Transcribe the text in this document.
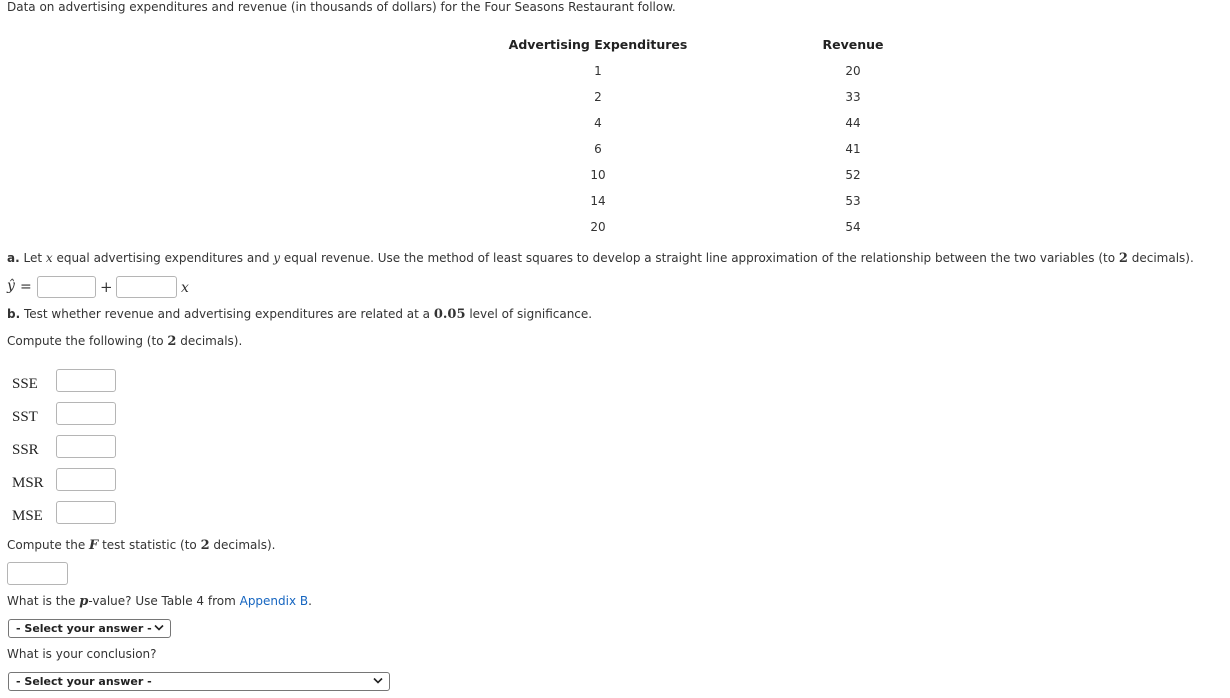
Data on advertising expenditures and revenue (in thousands of dollars) for the Four Seasons Restaurant follow.
Advertising Expenditures	Revenue
1	20
2	33
4	44
6	41
10	52
14	53
20	54
a. Let x equal advertising expenditures and y equal revenue. Use the method of least squares to develop a straight line approximation of the relationship between the two variables (to 2 decimals).
ŷ =	+	x
b. Test whether revenue and advertising expenditures are related at a 0.05 level of significance.
Compute the following (to 2 decimals).
SSE
SST
SSR
MSR
MSE
Compute the F test statistic (to 2 decimals).
What is the p-value? Use Table 4 from Appendix B.
- Select your answer -
What is your conclusion?
- Select your answer -
